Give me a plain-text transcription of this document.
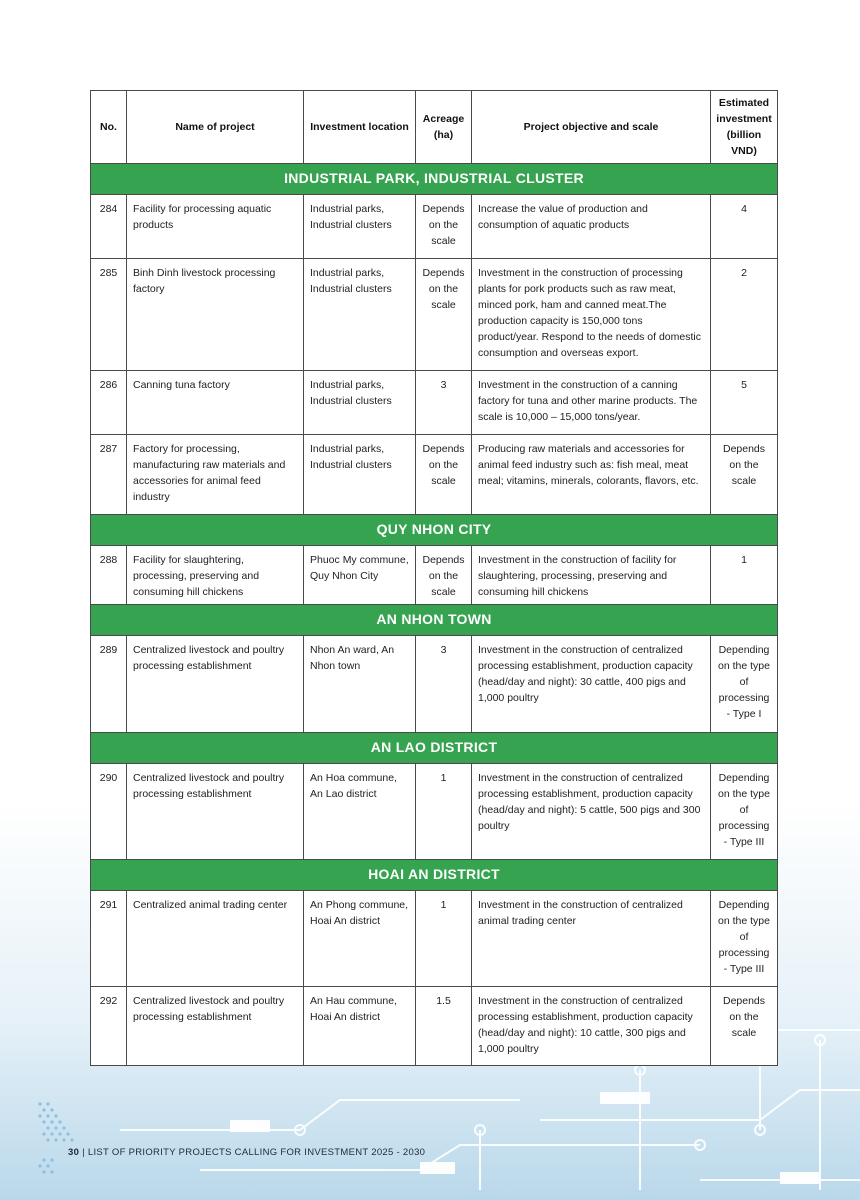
No.	Name of project	Investment location	Acreage (ha)	Project objective and scale	Estimated investment (billion VND)
INDUSTRIAL PARK, INDUSTRIAL CLUSTER					
284	Facility for processing aquatic products	Industrial parks, Industrial clusters	Depends on the scale	Increase the value of production and consumption of aquatic products	4
285	Binh Dinh livestock processing factory	Industrial parks, Industrial clusters	Depends on the scale	Investment in the construction of processing plants for pork products such as raw meat, minced pork, ham and canned meat.The production capacity is 150,000 tons product/year. Respond to the needs of domestic consumption and overseas export.	2
286	Canning tuna factory	Industrial parks, Industrial clusters	3	Investment in the construction of a canning factory for tuna and other marine products. The scale is 10,000 – 15,000 tons/year.	5
287	Factory for processing, manufacturing raw materials and accessories for animal feed industry	Industrial parks, Industrial clusters	Depends on the scale	Producing raw materials and accessories for animal feed industry such as: fish meal, meat meal; vitamins, minerals, colorants, flavors, etc.	Depends on the scale
QUY NHON CITY					
288	Facility for slaughtering, processing, preserving and consuming hill chickens	Phuoc My commune, Quy Nhon City	Depends on the scale	Investment in the construction of facility for slaughtering, processing, preserving and consuming hill chickens	1
AN NHON TOWN					
289	Centralized livestock and poultry processing establishment	Nhon An ward, An Nhon town	3	Investment in the construction of centralized processing establishment, production capacity (head/day and night): 30 cattle, 400 pigs and 1,000 poultry	Depending on the type of processing - Type I
AN LAO DISTRICT					
290	Centralized livestock and poultry processing establishment	An Hoa commune, An Lao district	1	Investment in the construction of centralized processing establishment, production capacity (head/day and night): 5 cattle, 500 pigs and 300 poultry	Depending on the type of processing - Type III
HOAI AN DISTRICT					
291	Centralized animal trading center	An Phong commune, Hoai An district	1	Investment in the construction of centralized animal trading center	Depending on the type of processing - Type III
292	Centralized livestock and poultry processing establishment	An Hau commune, Hoai An district	1.5	Investment in the construction of centralized processing establishment, production capacity (head/day and night): 10 cattle, 300 pigs and 1,000 poultry	Depends on the scale
30 | LIST OF PRIORITY PROJECTS CALLING FOR INVESTMENT 2025 - 2030
